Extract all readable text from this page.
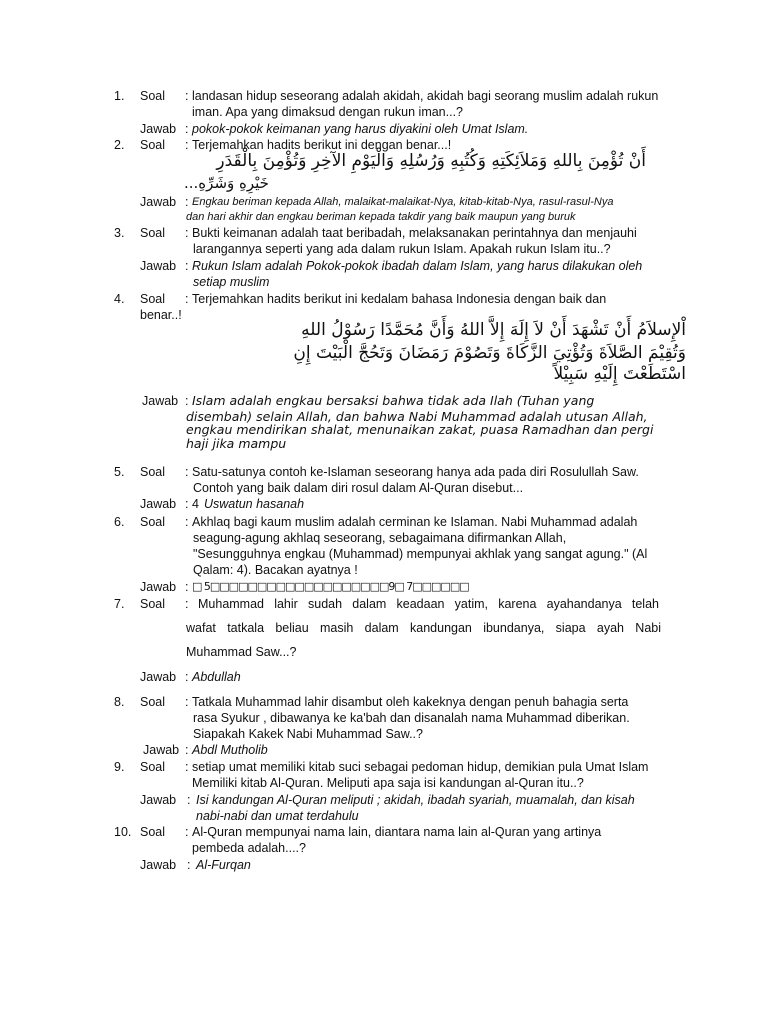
1. Soal : landasan hidup seseorang adalah akidah, akidah bagi seorang muslim adalah rukun
iman. Apa yang dimaksud dengan rukun iman...?
Jawab : pokok-pokok keimanan yang harus diyakini oleh Umat Islam.
2. Soal : Terjemahkan hadits berikut ini dengan benar...!
أَنْ تُؤْمِنَ بِاللهِ وَمَلاَئِكَتِهِ وَكُتُبِهِ وَرُسُلِهِ وَالْيَوْمِ الآخِرِ وَتُؤْمِنَ بِالْقَدَرِ
خَيْرِهِ وَشَرِّهِ...
Jawab : Engkau beriman kepada Allah, malaikat-malaikat-Nya, kitab-kitab-Nya, rasul-rasul-Nya
dan hari akhir dan engkau beriman kepada takdir yang baik maupun yang buruk
3. Soal : Bukti keimanan adalah taat beribadah, melaksanakan perintahnya dan menjauhi
larangannya seperti yang ada dalam rukun Islam. Apakah rukun Islam itu..?
Jawab : Rukun Islam adalah Pokok-pokok ibadah dalam Islam, yang harus dilakukan oleh
setiap muslim
4. Soal : Terjemahkan hadits berikut ini kedalam bahasa Indonesia dengan baik dan
benar..!
اْلإِسلاَمُ أَنْ تَشْهَدَ أَنْ لاَ إِلَهَ إِلاَّ اللهُ وَأَنَّ مُحَمَّدًا رَسُوْلُ اللهِ
وَتُقِيْمَ الصَّلاَةَ وَتُؤْتِيَ الزَّكَاةَ وَتَصُوْمَ رَمَضَانَ وَتَحُجَّ الْبَيْتَ إِنِ
اسْتَطَعْتَ إِلَيْهِ سَبِيْلاً
Jawab : Islam adalah engkau bersaksi bahwa tidak ada Ilah (Tuhan yang
disembah) selain Allah, dan bahwa Nabi Muhammad adalah utusan Allah,
engkau mendirikan shalat, menunaikan zakat, puasa Ramadhan dan pergi
haji jika mampu
5. Soal : Satu-satunya contoh ke-Islaman seseorang hanya ada pada diri Rosulullah Saw.
Contoh yang baik dalam diri rosul dalam Al-Quran disebut...
Jawab : 4 Uswatun hasanah
6. Soal : Akhlaq bagi kaum muslim adalah cerminan ke Islaman. Nabi Muhammad adalah
seagung-agung akhlaq seseorang, sebagaimana difirmankan Allah,
"Sesungguhnya engkau (Muhammad) mempunyai akhlak yang sangat agung." (Al
Qalam: 4). Bacakan ayatnya !
Jawab : □ 5□□□□□□□□□□□□□□□□□□□9□ 7□□□□□□
7. Soal : Muhammad lahir sudah dalam keadaan yatim, karena ayahandanya telah
wafat tatkala beliau masih dalam kandungan ibundanya, siapa ayah Nabi
Muhammad Saw...?
Jawab : Abdullah
8. Soal : Tatkala Muhammad lahir disambut oleh kakeknya dengan penuh bahagia serta
rasa Syukur , dibawanya ke ka'bah dan disanalah nama Muhammad diberikan.
Siapakah Kakek Nabi Muhammad Saw..?
Jawab : Abdl Mutholib
9. Soal : setiap umat memiliki kitab suci sebagai pedoman hidup, demikian pula Umat Islam
Memiliki kitab Al-Quran. Meliputi apa saja isi kandungan al-Quran itu..?
Jawab : Isi kandungan Al-Quran meliputi ; akidah, ibadah syariah, muamalah, dan kisah
nabi-nabi dan umat terdahulu
10. Soal : Al-Quran mempunyai nama lain, diantara nama lain al-Quran yang artinya
pembeda adalah....?
Jawab : Al-Furqan
